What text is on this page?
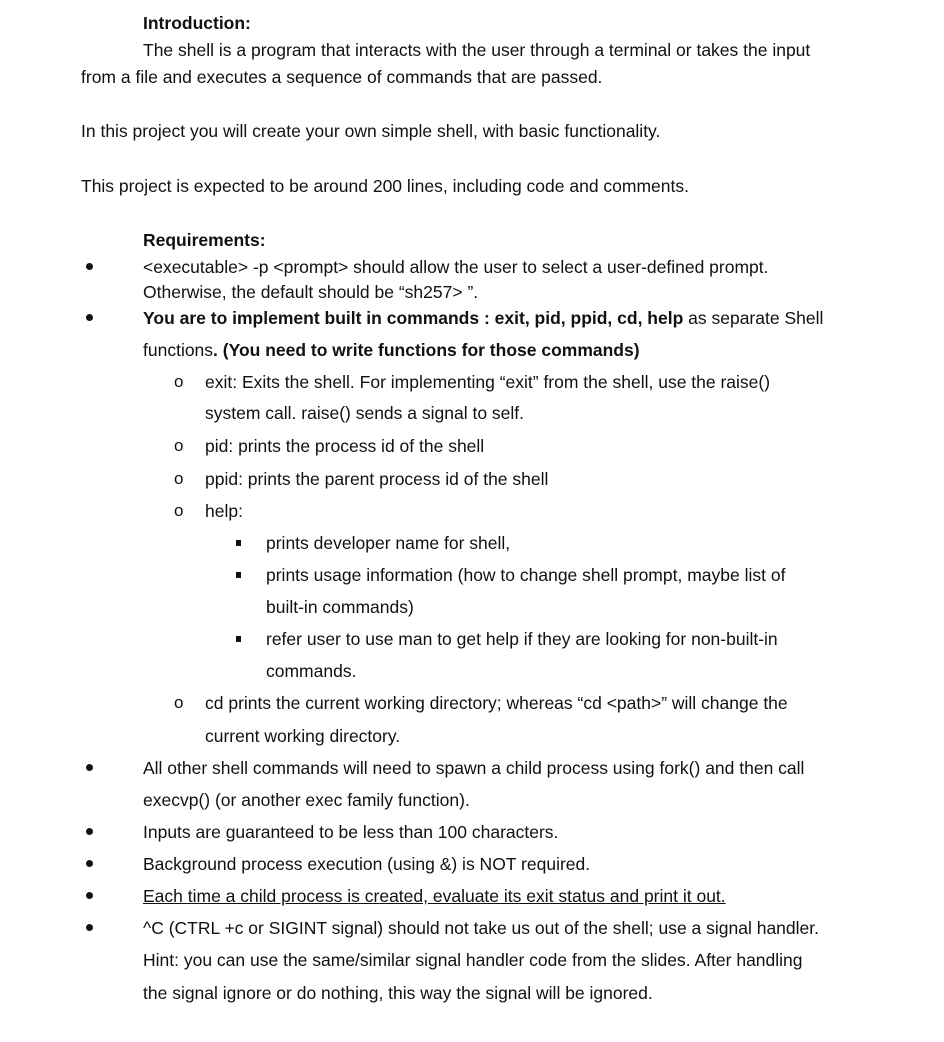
Introduction:
The shell is a program that interacts with the user through a terminal or takes the input
from a file and executes a sequence of commands that are passed.
In this project you will create your own simple shell, with basic functionality.
This project is expected to be around 200 lines, including code and comments.
Requirements:
<executable> -p <prompt> should allow the user to select a user-defined prompt.
Otherwise, the default should be “sh257> ”.
You are to implement built in commands : exit, pid, ppid, cd, help as separate Shell
functions. (You need to write functions for those commands)
o exit: Exits the shell. For implementing “exit” from the shell, use the raise()
system call. raise() sends a signal to self.
o pid: prints the process id of the shell
o ppid: prints the parent process id of the shell
o help:
prints developer name for shell,
prints usage information (how to change shell prompt, maybe list of
built-in commands)
refer user to use man to get help if they are looking for non-built-in
commands.
o cd prints the current working directory; whereas “cd <path>” will change the
current working directory.
All other shell commands will need to spawn a child process using fork() and then call
execvp() (or another exec family function).
Inputs are guaranteed to be less than 100 characters.
Background process execution (using &) is NOT required.
Each time a child process is created, evaluate its exit status and print it out.
^C (CTRL +c or SIGINT signal) should not take us out of the shell; use a signal handler.
Hint: you can use the same/similar signal handler code from the slides. After handling
the signal ignore or do nothing, this way the signal will be ignored.
